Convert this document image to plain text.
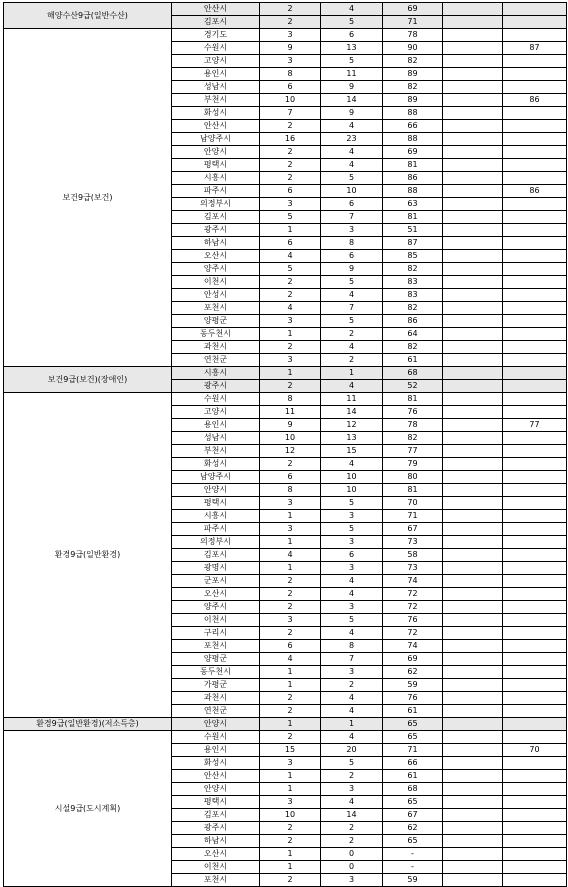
해양수산9급(일반수산)	안산시	2	4	69		
	김포시	2	5	71		
보건9급(보건)	경기도	3	6	78		
	수원시	9	13	90		87
	고양시	3	5	82		
	용인시	8	11	89		
	성남시	6	9	82		
	부천시	10	14	89		86
	화성시	7	9	88		
	안산시	2	4	66		
	남양주시	16	23	88		
	안양시	2	4	69		
	평택시	2	4	81		
	시흥시	2	5	86		
	파주시	6	10	88		86
	의정부시	3	6	63		
	김포시	5	7	81		
	광주시	1	3	51		
	하남시	6	8	87		
	오산시	4	6	85		
	양주시	5	9	82		
	이천시	2	5	83		
	안성시	2	4	83		
	포천시	4	7	82		
	양평군	3	5	86		
	동두천시	1	2	64		
	과천시	2	4	82		
	연천군	3	2	61		
보건9급(보건)(장애인)	시흥시	1	1	68		
	광주시	2	4	52		
환경9급(일반환경)	수원시	8	11	81		
	고양시	11	14	76		
	용인시	9	12	78		77
	성남시	10	13	82		
	부천시	12	15	77		
	화성시	2	4	79		
	남양주시	6	10	80		
	안양시	8	10	81		
	평택시	3	5	70		
	시흥시	1	3	71		
	파주시	3	5	67		
	의정부시	1	3	73		
	김포시	4	6	58		
	광명시	1	3	73		
	군포시	2	4	74		
	오산시	2	4	72		
	양주시	2	3	72		
	이천시	3	5	76		
	구리시	2	4	72		
	포천시	6	8	74		
	양평군	4	7	69		
	동두천시	1	3	62		
	가평군	1	2	59		
	과천시	2	4	76		
	연천군	2	4	61		
환경9급(일반환경)(저소득층)	안양시	1	1	65		
시설9급(도시계획)	수원시	2	4	65		
	용인시	15	20	71		70
	화성시	3	5	66		
	안산시	1	2	61		
	안양시	1	3	68		
	평택시	3	4	65		
	김포시	10	14	67		
	광주시	2	2	62		
	하남시	2	2	65		
	오산시	1	0	-		
	이천시	1	0	-		
	포천시	2	3	59		
